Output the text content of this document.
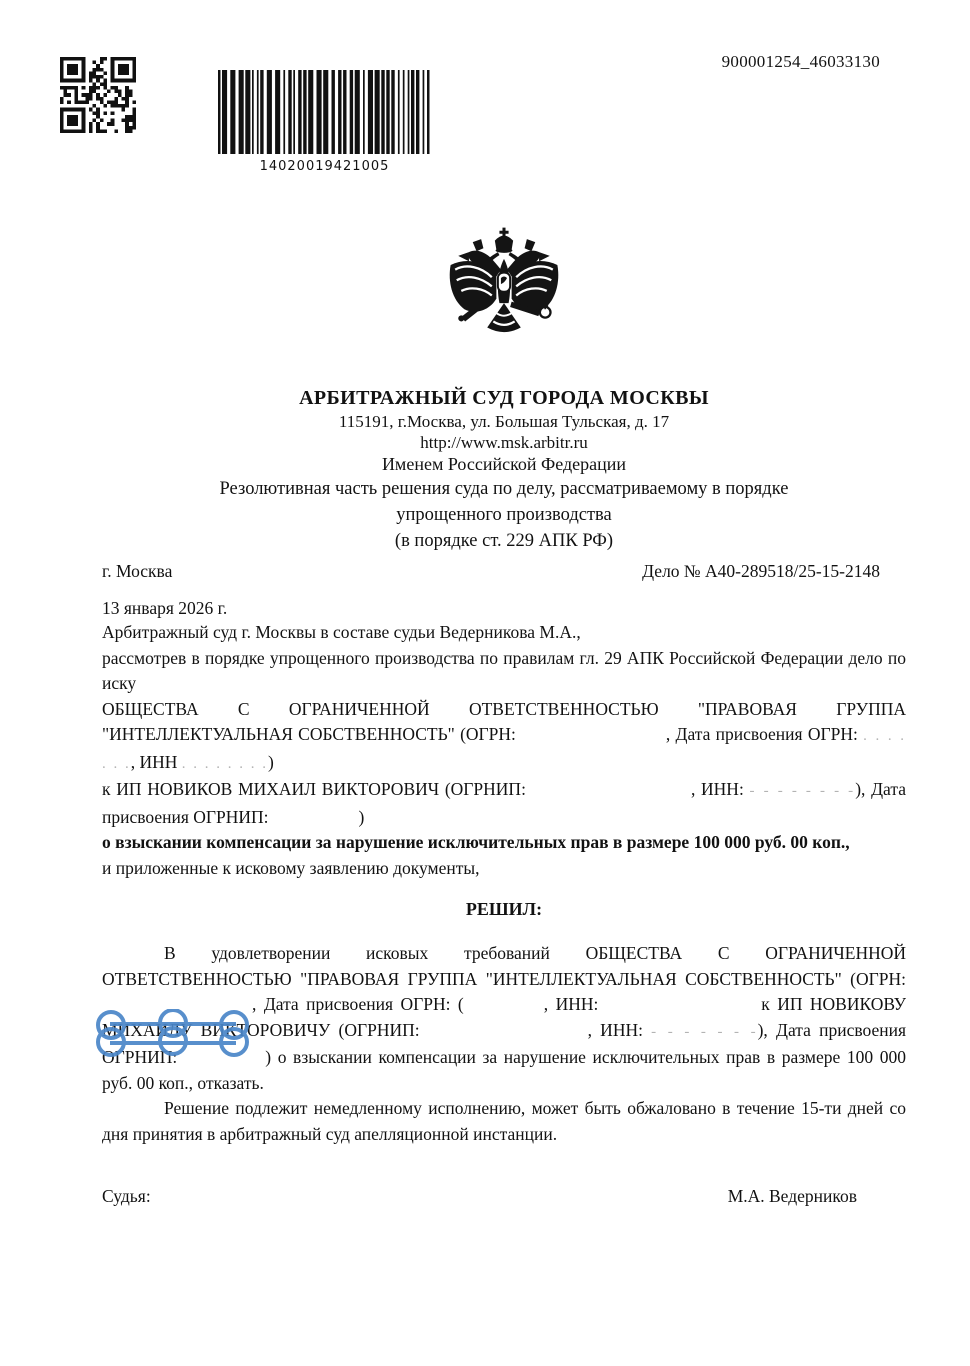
900001254_46033130
14020019421005
АРБИТРАЖНЫЙ СУД ГОРОДА МОСКВЫ

115191, г.Москва, ул. Большая Тульская, д. 17

http://www.msk.arbitr.ru

Именем Российской Федерации

Резолютивная часть решения суда по делу, рассматриваемому в порядке

упрощенного производства

(в порядке ст. 229 АПК РФ)

г. Москва	Дело № А40-289518/25-15-2148
13 января 2026 г.

Арбитражный суд г. Москвы в составе судьи Ведерникова М.А.,

рассмотрев в порядке упрощенного производства по правилам гл. 29 АПК Российской Федерации дело по иску

ОБЩЕСТВА С ОГРАНИЧЕННОЙ ОТВЕТСТВЕННОСТЬЮ "ПРАВОВАЯ ГРУППА "ИНТЕЛЛЕКТУАЛЬНАЯ СОБСТВЕННОСТЬ" (ОГРН:	, Дата присвоения ОГРН: . . . . . . ., ИНН . . . . . . . .)

к ИП НОВИКОВ МИХАИЛ ВИКТОРОВИЧ (ОГРНИП:	, ИНН: - - - - - - - -), Дата присвоения ОГРНИП:	)

о взыскании компенсации за нарушение исключительных прав в размере 100 000 руб. 00 коп.,

и приложенные к исковому заявлению документы,

РЕШИЛ:

В удовлетворении исковых требований ОБЩЕСТВА С ОГРАНИЧЕННОЙ ОТВЕТСТВЕННОСТЬЮ "ПРАВОВАЯ ГРУППА "ИНТЕЛЛЕКТУАЛЬНАЯ СОБСТВЕННОСТЬ" (ОГРН:, Дата присвоения ОГРН: (	, ИНН:	к ИП НОВИКОВУ МИХАИЛУ ВИКТОРОВИЧУ (ОГРНИП:	, ИНН: - - - - - - -), Дата присвоения ОГРНИП:	) о взыскании компенсации за нарушение исключительных прав в размере 100 000 руб. 00 коп., отказать.

Решение подлежит немедленному исполнению, может быть обжаловано в течение 15-ти дней со дня принятия в арбитражный суд апелляционной инстанции.

Судья:	М.А. Ведерников
